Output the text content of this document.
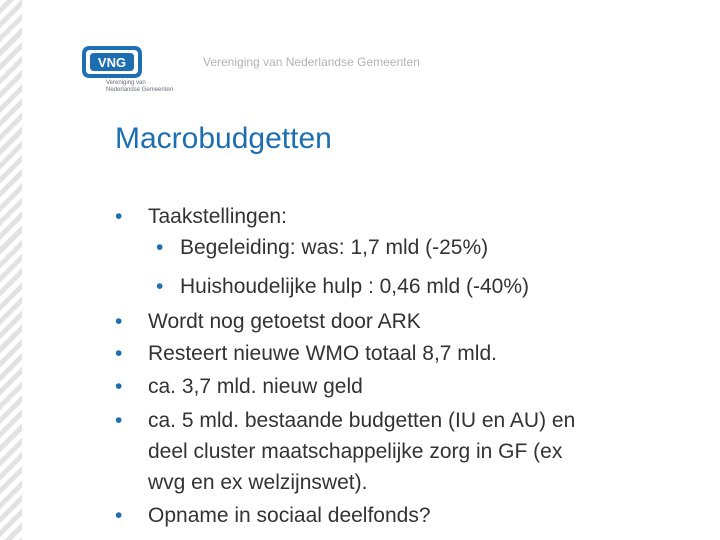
VNG
Vereniging van
Nederlandse Gemeenten
Vereniging van Nederlandse Gemeenten
Macrobudgetten
• Taakstellingen:
• Begeleiding: was: 1,7 mld (-25%)
• Huishoudelijke hulp : 0,46 mld (-40%)
• Wordt nog getoetst door ARK
• Resteert nieuwe WMO totaal 8,7 mld.
• ca. 3,7 mld. nieuw geld
• ca. 5 mld. bestaande budgetten (IU en AU) en
deel cluster maatschappelijke zorg in GF (ex
wvg en ex welzijnswet).
• Opname in sociaal deelfonds?
